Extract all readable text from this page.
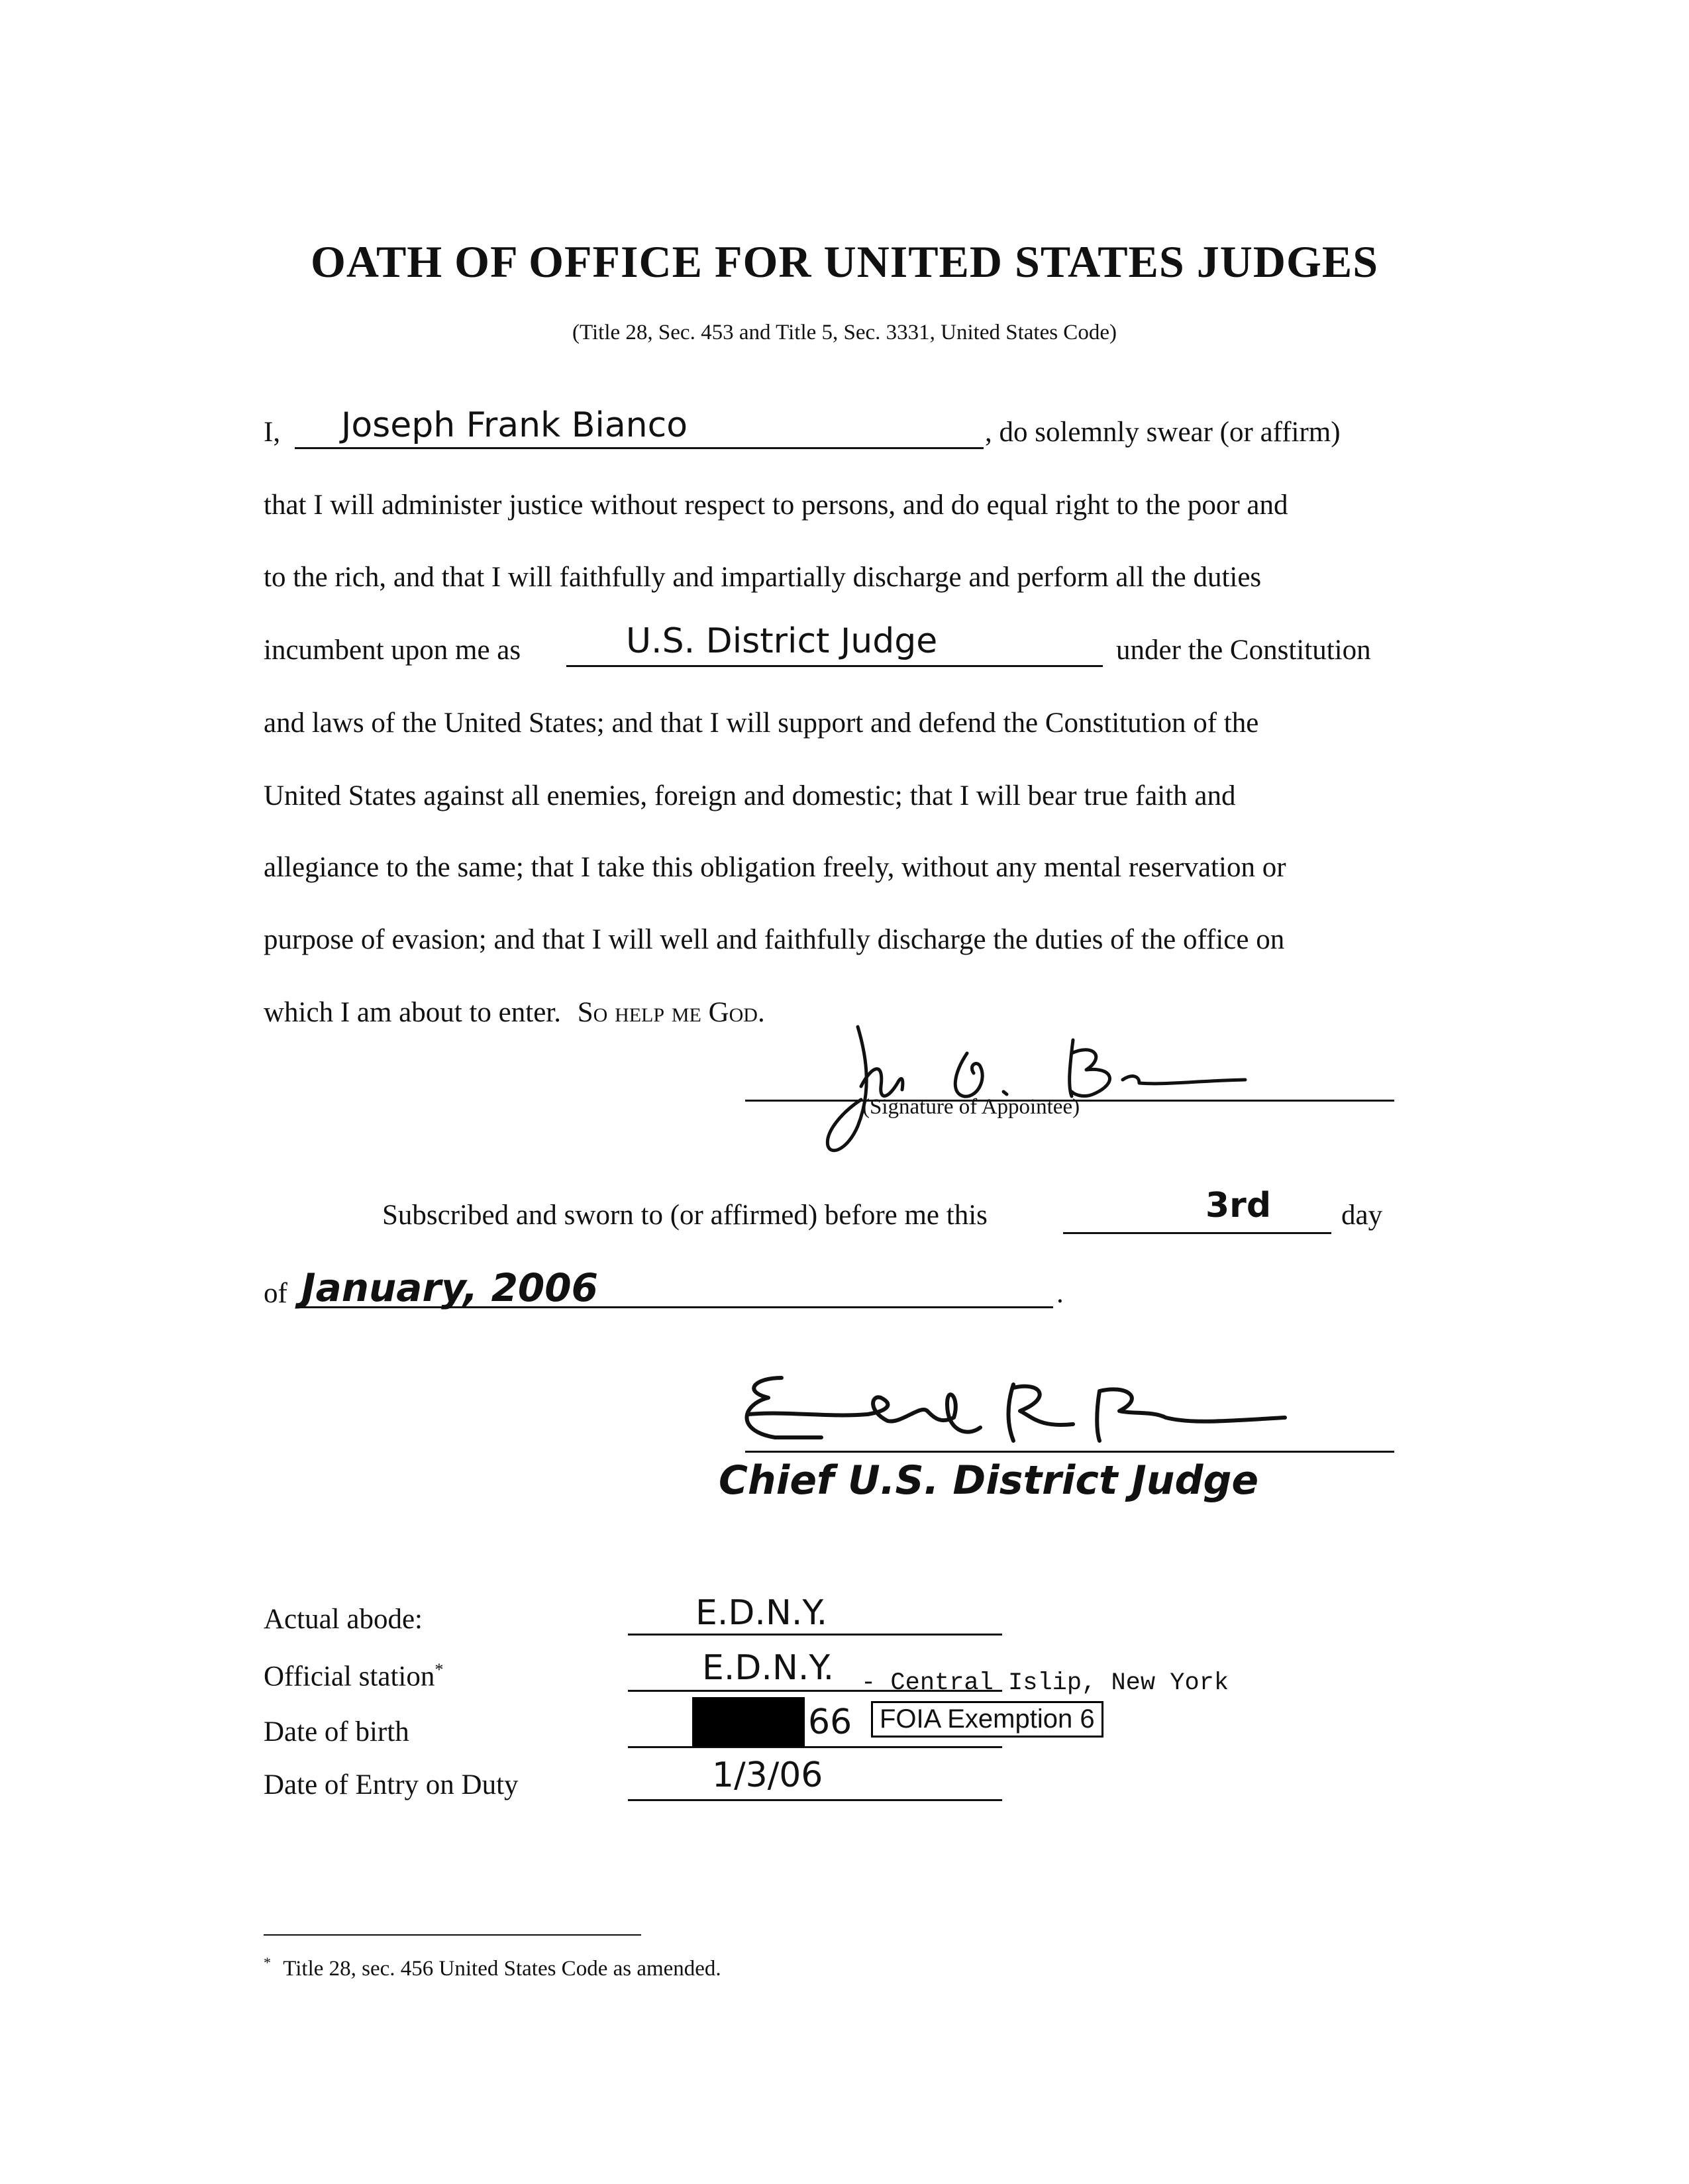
OATH OF OFFICE FOR UNITED STATES JUDGES
(Title 28, Sec. 453 and Title 5, Sec. 3331, United States Code)
I, Joseph Frank Bianco	, do solemnly swear (or affirm)
that I will administer justice without respect to persons, and do equal right to the poor and
to the rich, and that I will faithfully and impartially discharge and perform all the duties
incumbent upon me as	U.S. District Judge	under the Constitution
and laws of the United States; and that I will support and defend the Constitution of the
United States against all enemies, foreign and domestic; that I will bear true faith and
allegiance to the same; that I take this obligation freely, without any mental reservation or
purpose of evasion; and that I will well and faithfully discharge the duties of the office on
which I am about to enter. So help me God.
(Signature of Appointee)
Subscribed and sworn to (or affirmed) before me this	3rd day
of January, 2006	.
Chief U.S. District Judge
Actual abode:	E.D.N.Y.
Official station*	E.D.N.Y. - Central Islip, New York
Date of birth	66	FOIA Exemption 6
Date of Entry on Duty	1/3/06
* Title 28, sec. 456 United States Code as amended.
